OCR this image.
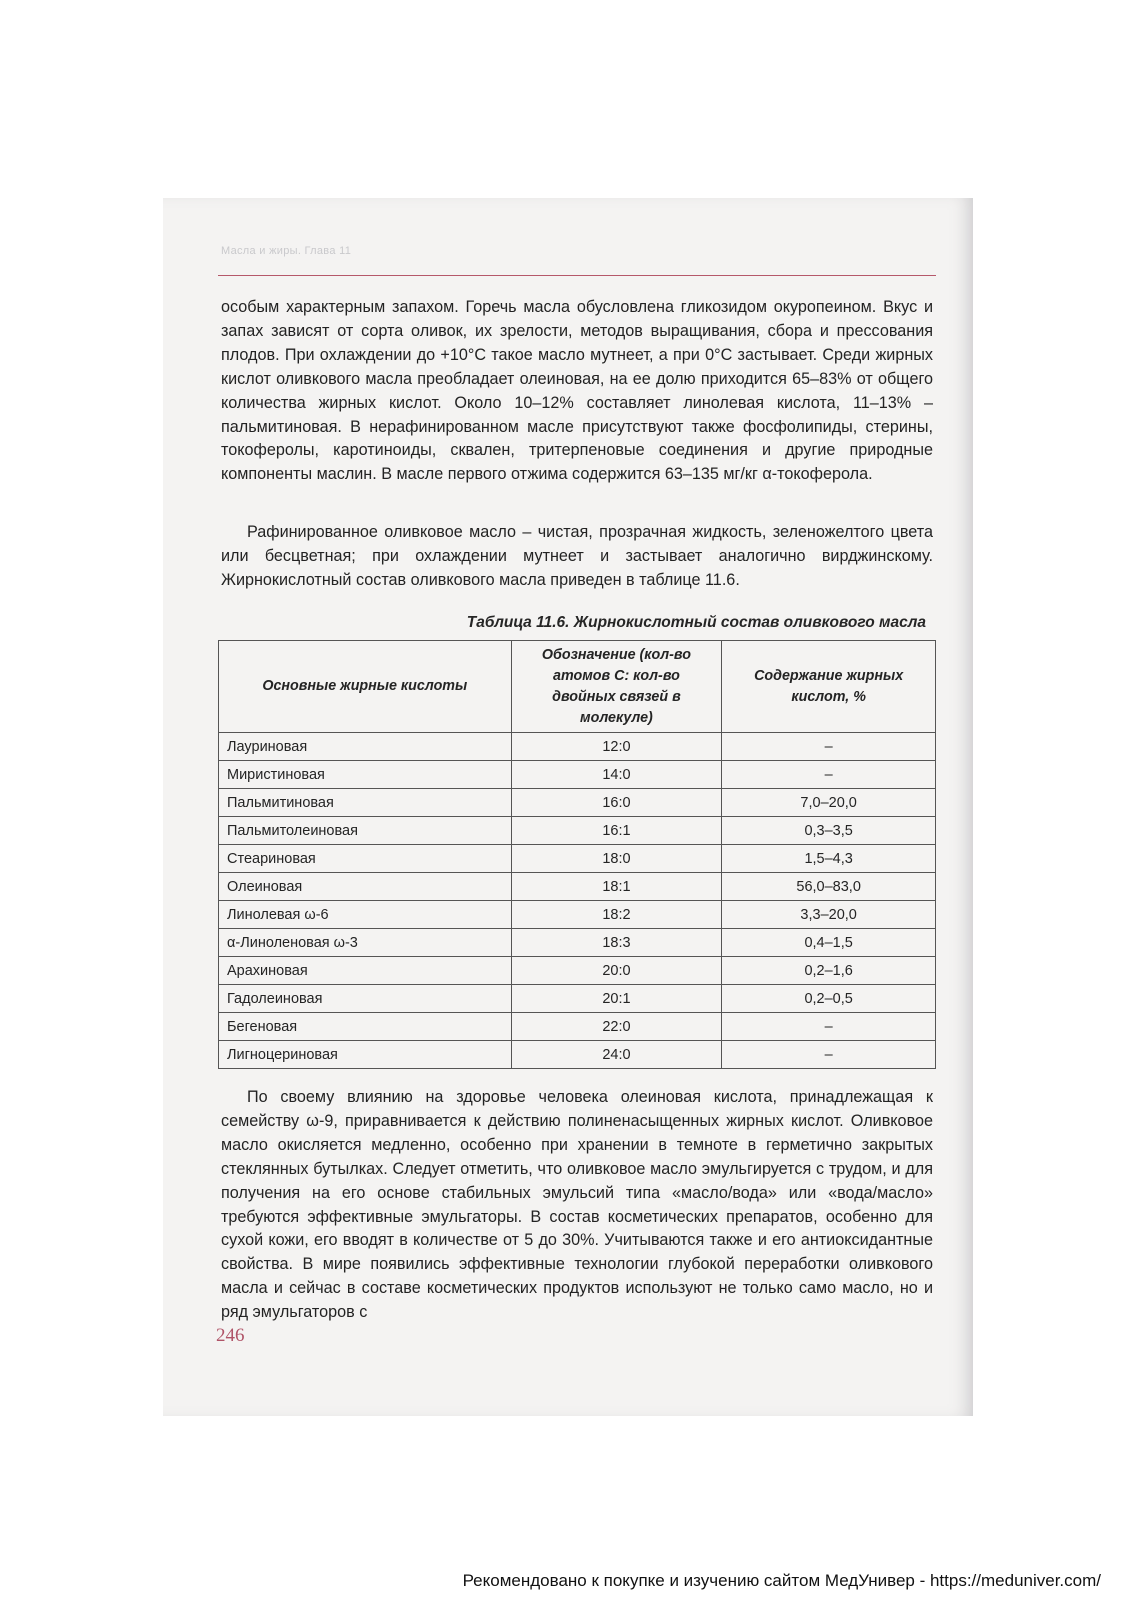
Масла и жиры. Глава 11

особым характерным запахом. Горечь масла обусловлена гликозидом окуропеином. Вкус и запах зависят от сорта оливок, их зрелости, методов выращивания, сбора и прессования плодов. При охлаждении до +10°С такое масло мутнеет, а при 0°С застывает. Среди жирных кислот оливкового масла преобладает олеиновая, на ее долю приходится 65–83% от общего количества жирных кислот. Около 10–12% составляет линолевая кислота, 11–13% – пальмитиновая. В нерафинированном масле присутствуют также фосфолипиды, стерины, токоферолы, каротиноиды, сквален, тритерпеновые соединения и другие природные компоненты маслин. В масле первого отжима содержится 63–135 мг/кг α-токоферола.

Рафинированное оливковое масло – чистая, прозрачная жидкость, зеленожелтого цвета или бесцветная; при охлаждении мутнеет и застывает аналогично вирджинскому. Жирнокислотный состав оливкового масла приведен в таблице 11.6.

Таблица 11.6. Жирнокислотный состав оливкового масла
Основные жирные кислоты	Обозначение (кол-во атомов С: кол-во двойных связей в молекуле)	Содержание жирных кислот, %
Лауриновая	12:0	–
Миристиновая	14:0	–
Пальмитиновая	16:0	7,0–20,0
Пальмитолеиновая	16:1	0,3–3,5
Стеариновая	18:0	1,5–4,3
Олеиновая	18:1	56,0–83,0
Линолевая ω-6	18:2	3,3–20,0
α-Линоленовая ω-3	18:3	0,4–1,5
Арахиновая	20:0	0,2–1,6
Гадолеиновая	20:1	0,2–0,5
Бегеновая	22:0	–
Лигноцериновая	24:0	–

По своему влиянию на здоровье человека олеиновая кислота, принадлежащая к семейству ω-9, приравнивается к действию полиненасыщенных жирных кислот. Оливковое масло окисляется медленно, особенно при хранении в темноте в герметично закрытых стеклянных бутылках. Следует отметить, что оливковое масло эмульгируется с трудом, и для получения на его основе стабильных эмульсий типа «масло/вода» или «вода/масло» требуются эффективные эмульгаторы. В состав косметических препаратов, особенно для сухой кожи, его вводят в количестве от 5 до 30%. Учитываются также и его антиоксидантные свойства. В мире появились эффективные технологии глубокой переработки оливкового масла и сейчас в составе косметических продуктов используют не только само масло, но и ряд эмульгаторов с

246
Рекомендовано к покупке и изучению сайтом МедУнивер - https://meduniver.com/
